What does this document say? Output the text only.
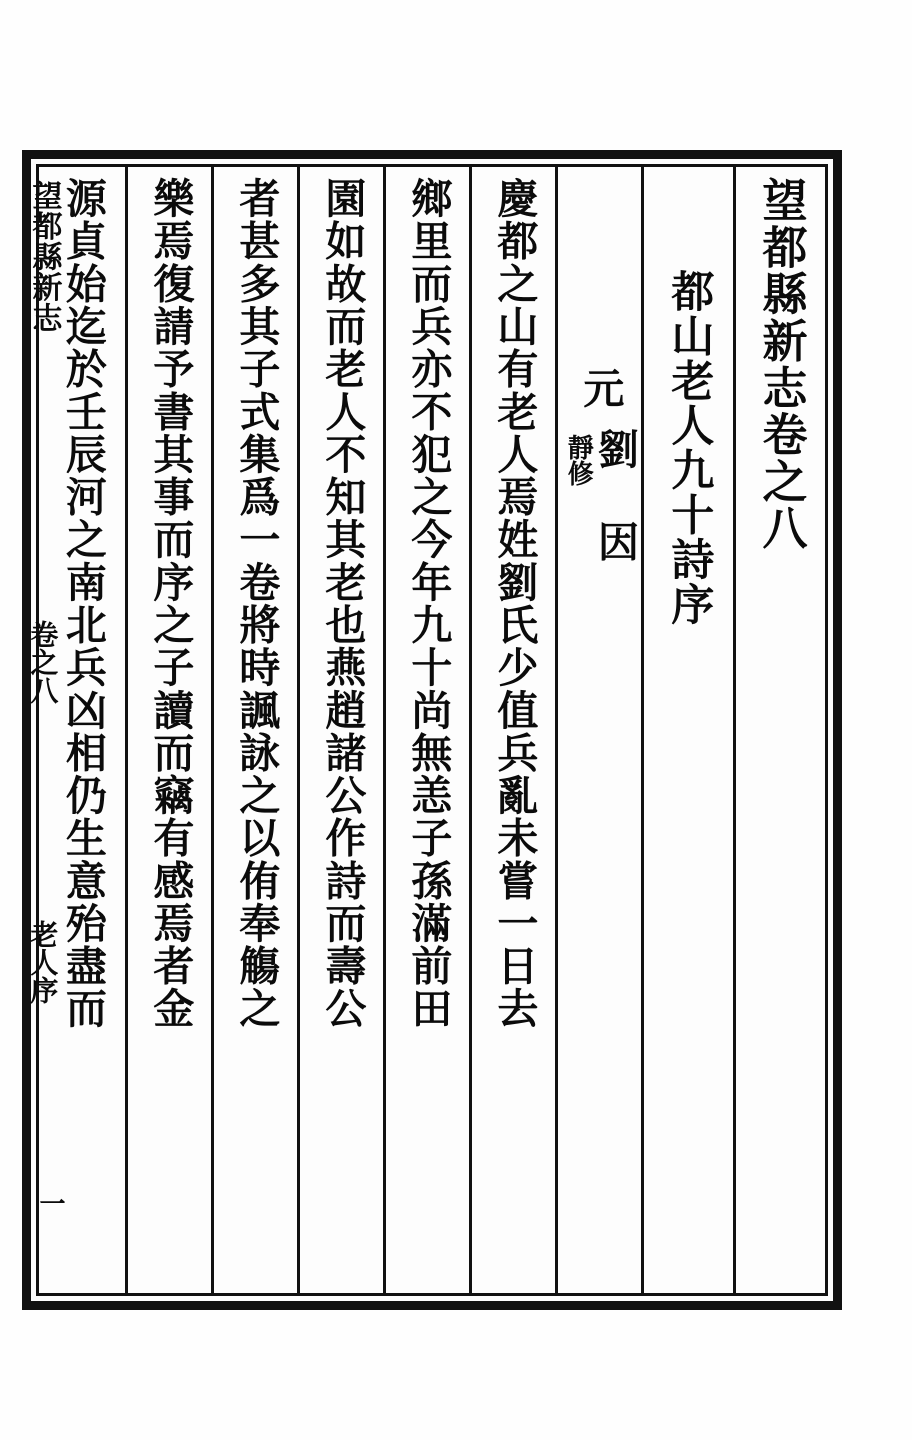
望都縣新志卷之八
都山老人九十詩序
元
劉 因
靜修
慶都之山有老人焉姓劉氏少值兵亂未嘗一日去
鄉里而兵亦不犯之今年九十尚無恙子孫滿前田
園如故而老人不知其老也燕趙諸公作詩而壽公
者甚多其子式集爲一卷將時諷詠之以侑奉觴之
樂焉復請予書其事而序之子讀而竊有感焉者金
源貞始迄於壬辰河之南北兵凶相仍生意殆盡而
望都縣新志
卷之八
老人序
一
